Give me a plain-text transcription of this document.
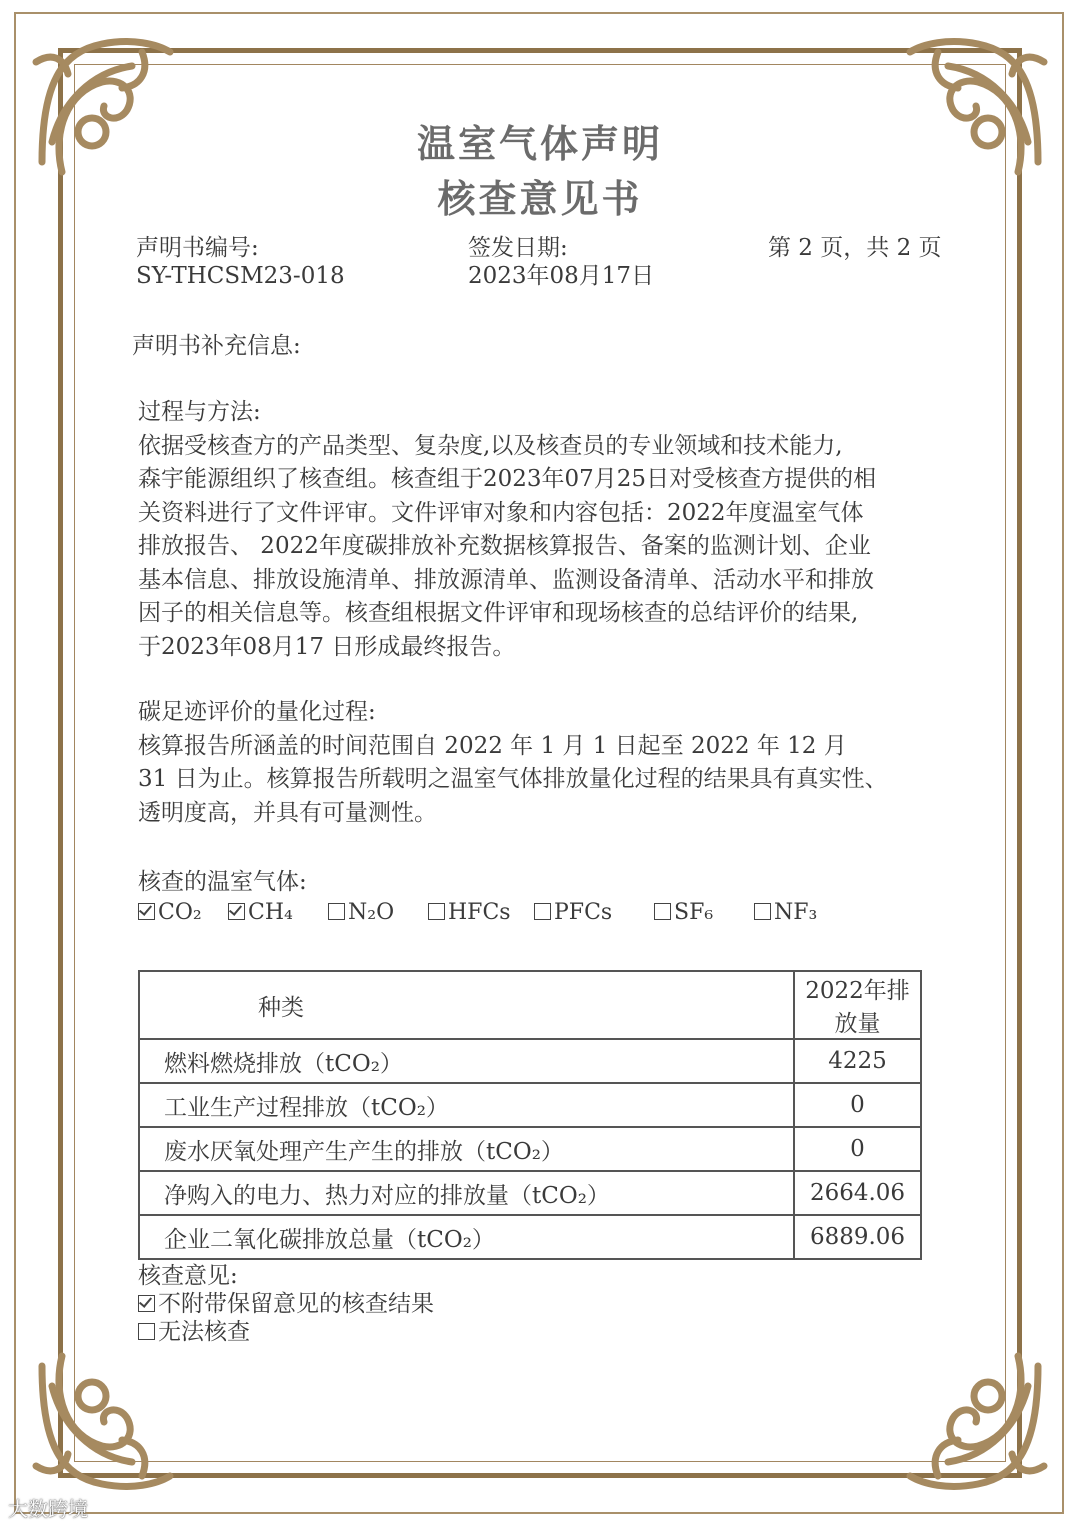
温室气体声明
核查意见书
声明书编号:
SY-THCSM23-018
签发日期:
2023年08月17日
第 2 页，共 2 页
声明书补充信息:
过程与方法:
依据受核查方的产品类型、复杂度,以及核查员的专业领域和技术能力,
森宇能源组织了核查组。核查组于2023年07月25日对受核查方提供的相
关资料进行了文件评审。文件评审对象和内容包括：2022年度温室气体
排放报告、 2022年度碳排放补充数据核算报告、备案的监测计划、企业
基本信息、排放设施清单、排放源清单、监测设备清单、活动水平和排放
因子的相关信息等。核查组根据文件评审和现场核查的总结评价的结果,
于2023年08月17 日形成最终报告。
碳足迹评价的量化过程:
核算报告所涵盖的时间范围自 2022 年 1 月 1 日起至 2022 年 12 月
31 日为止。核算报告所载明之温室气体排放量化过程的结果具有真实性、
透明度高，并具有可量测性。
核查的温室气体:
CO₂	CH₄	N₂O	HFCs	PFCs	SF₆	NF₃
种类	2022年排放量
燃料燃烧排放（tCO₂）	4225
工业生产过程排放（tCO₂）	0
废水厌氧处理产生产生的排放（tCO₂）	0
净购入的电力、热力对应的排放量（tCO₂）	2664.06
企业二氧化碳排放总量（tCO₂）	6889.06
核查意见:
不附带保留意见的核查结果
无法核查
大数跨境
